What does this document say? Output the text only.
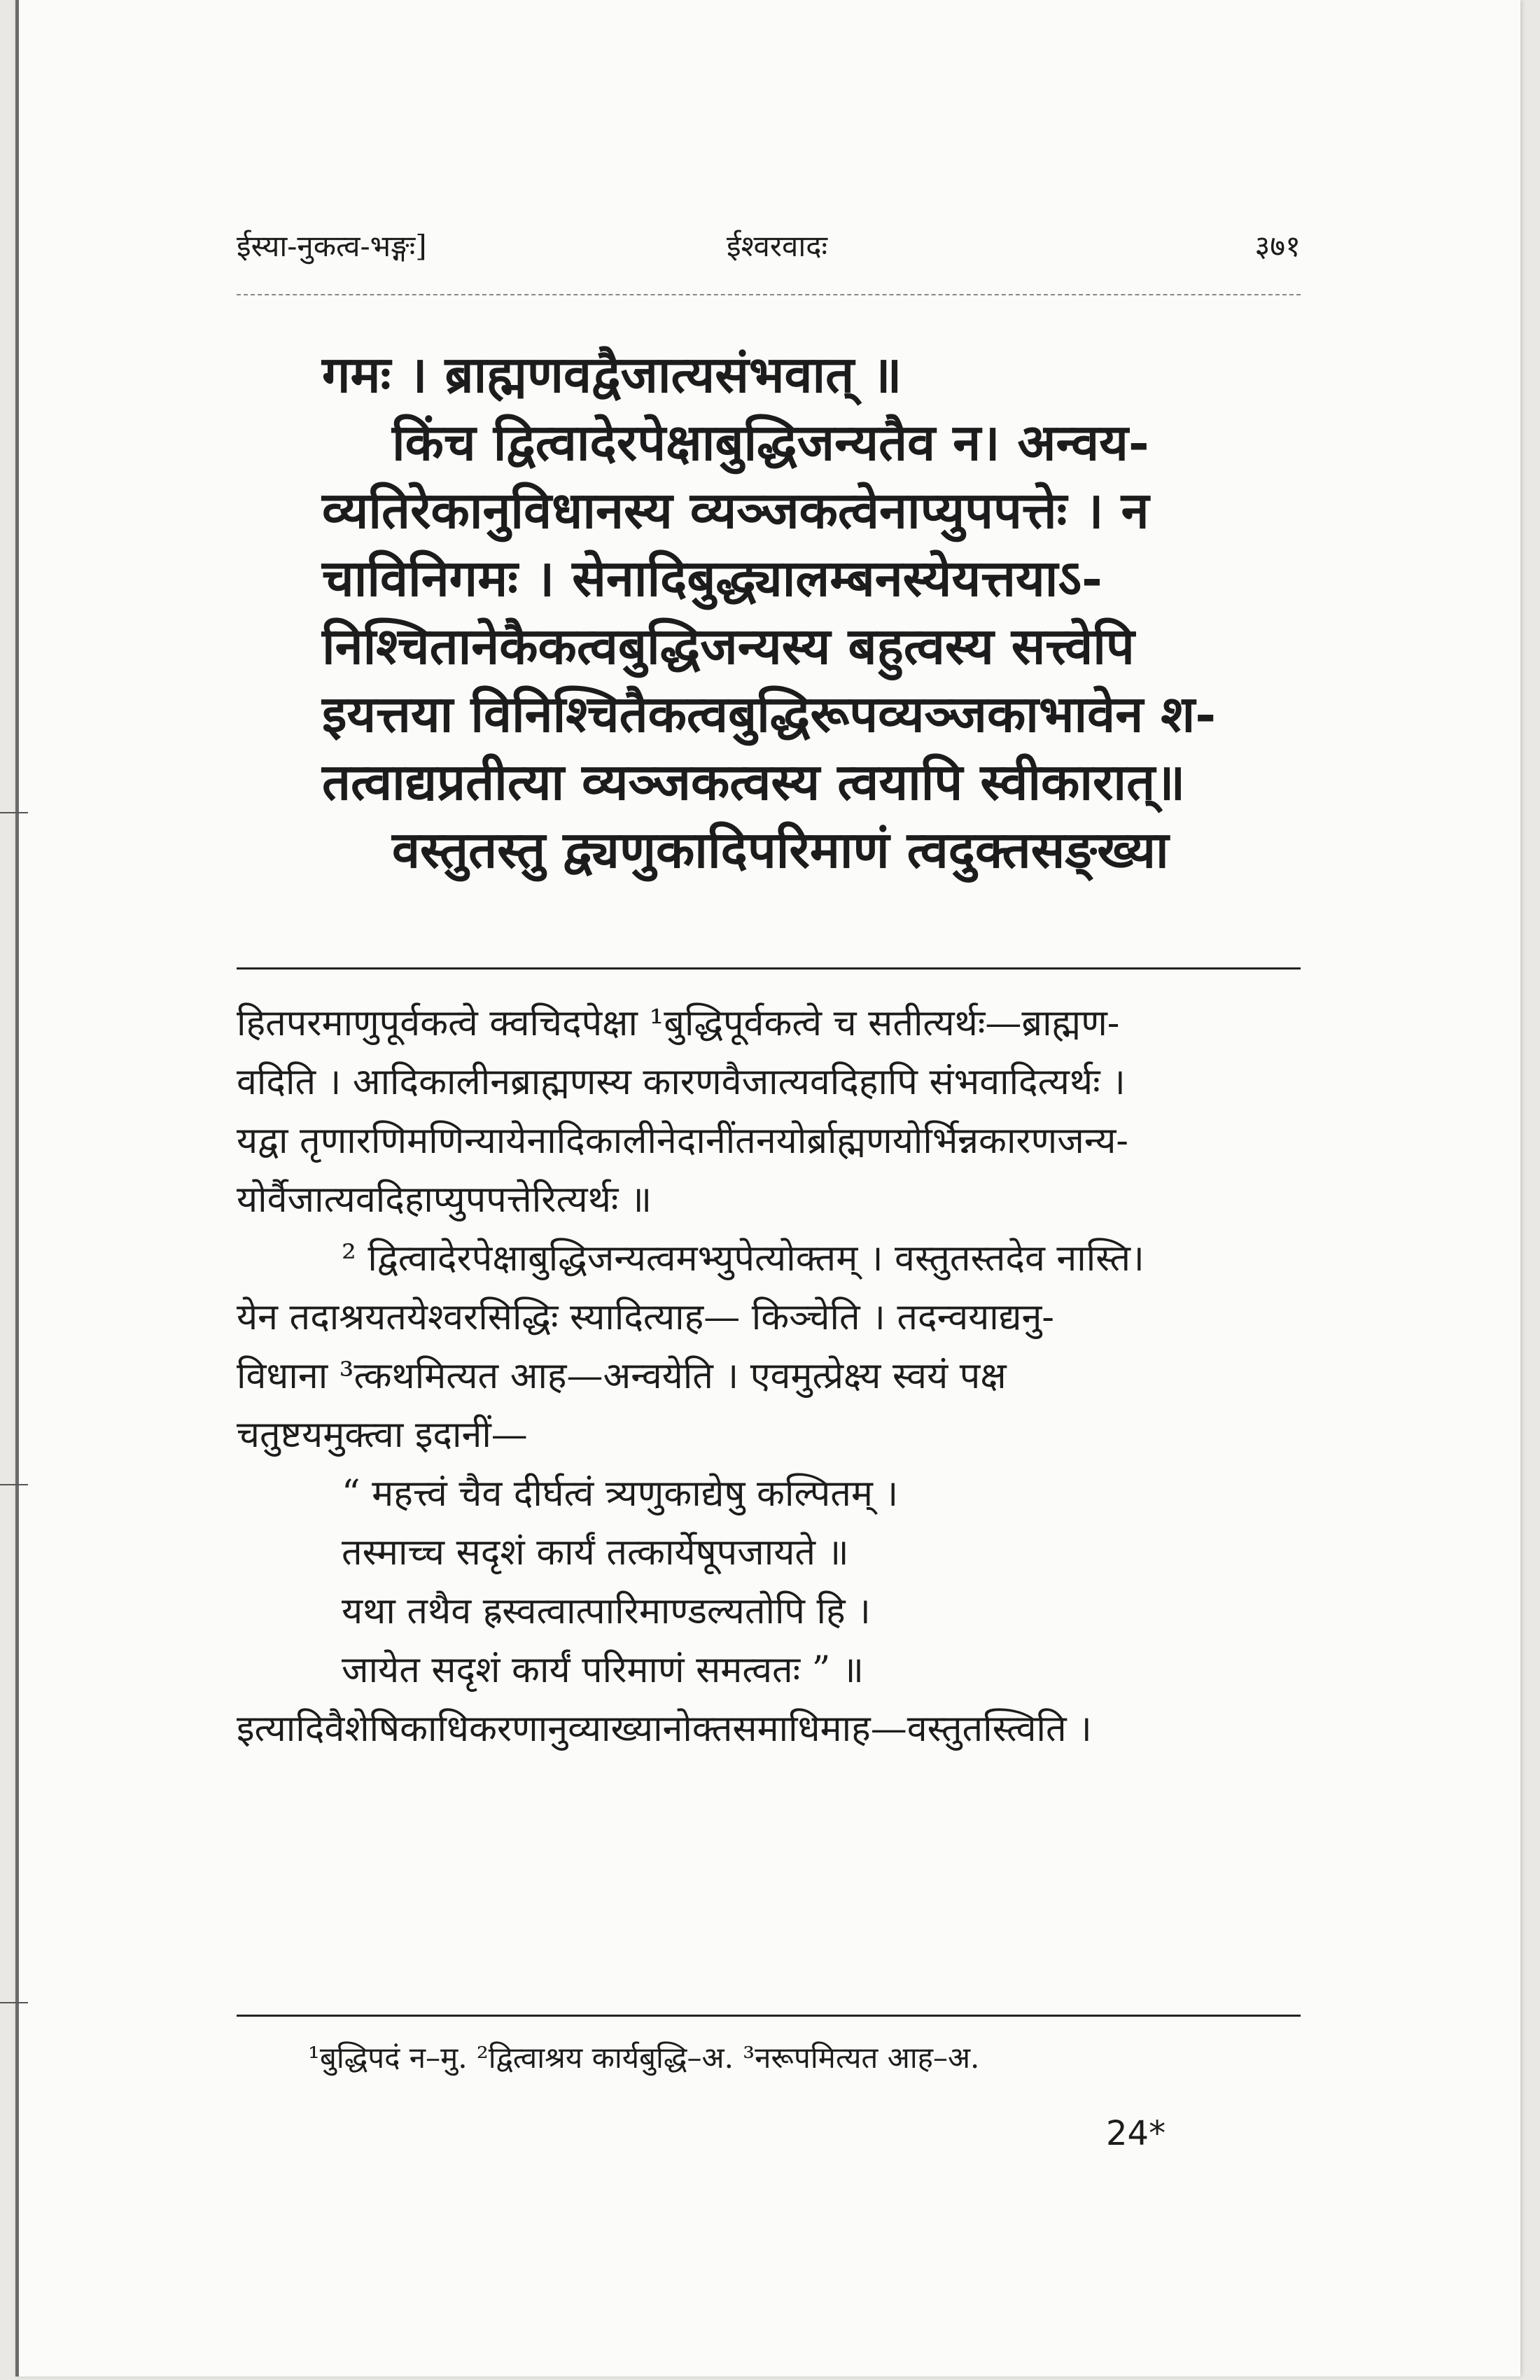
ईस्या-नुकत्व-भङ्गः]	ईश्वरवादः	३७१
गमः । ब्राह्मणवद्वैजात्यसंभवात् ॥
किंच द्वित्वादेरपेक्षाबुद्धिजन्यतैव न। अन्वय-
व्यतिरेकानुविधानस्य व्यञ्जकत्वेनाप्युपपत्तेः । न
चाविनिगमः । सेनादिबुद्ध्यालम्बनस्येयत्तयाऽ-
निश्चितानेकैकत्वबुद्धिजन्यस्य बहुत्वस्य सत्त्वेपि
इयत्तया विनिश्चितैकत्वबुद्धिरूपव्यञ्जकाभावेन श-
तत्वाद्यप्रतीत्या व्यञ्जकत्वस्य त्वयापि स्वीकारात्॥
वस्तुतस्तु द्व्यणुकादिपरिमाणं त्वदुक्तसङ्ख्या
हितपरमाणुपूर्वकत्वे क्वचिदपेक्षा ¹बुद्धिपूर्वकत्वे च सतीत्यर्थः—ब्राह्मण-
वदिति । आदिकालीनब्राह्मणस्य कारणवैजात्यवदिहापि संभवादित्यर्थः ।
यद्वा तृणारणिमणिन्यायेनादिकालीनेदानींतनयोर्ब्राह्मणयोर्भिन्नकारणजन्य-
योर्वैजात्यवदिहाप्युपपत्तेरित्यर्थः ॥
² द्वित्वादेरपेक्षाबुद्धिजन्यत्वमभ्युपेत्योक्तम् । वस्तुतस्तदेव नास्ति।
येन तदाश्रयतयेश्वरसिद्धिः स्यादित्याह— किञ्चेति । तदन्वयाद्यनु-
विधाना ³त्कथमित्यत आह—अन्वयेति । एवमुत्प्रेक्ष्य स्वयं पक्ष
चतुष्टयमुक्त्वा इदानीं—
“ महत्त्वं चैव दीर्घत्वं त्र्यणुकाद्येषु कल्पितम् ।
तस्माच्च सदृशं कार्यं तत्कार्येषूपजायते ॥
यथा तथैव ह्रस्वत्वात्पारिमाण्डल्यतोपि हि ।
जायेत सदृशं कार्यं परिमाणं समत्वतः ” ॥
इत्यादिवैशेषिकाधिकरणानुव्याख्यानोक्तसमाधिमाह—वस्तुतस्त्विति ।
¹बुद्धिपदं न–मु. ²द्वित्वाश्रय कार्यबुद्धि–अ. ³नरूपमित्यत आह–अ.
24*
